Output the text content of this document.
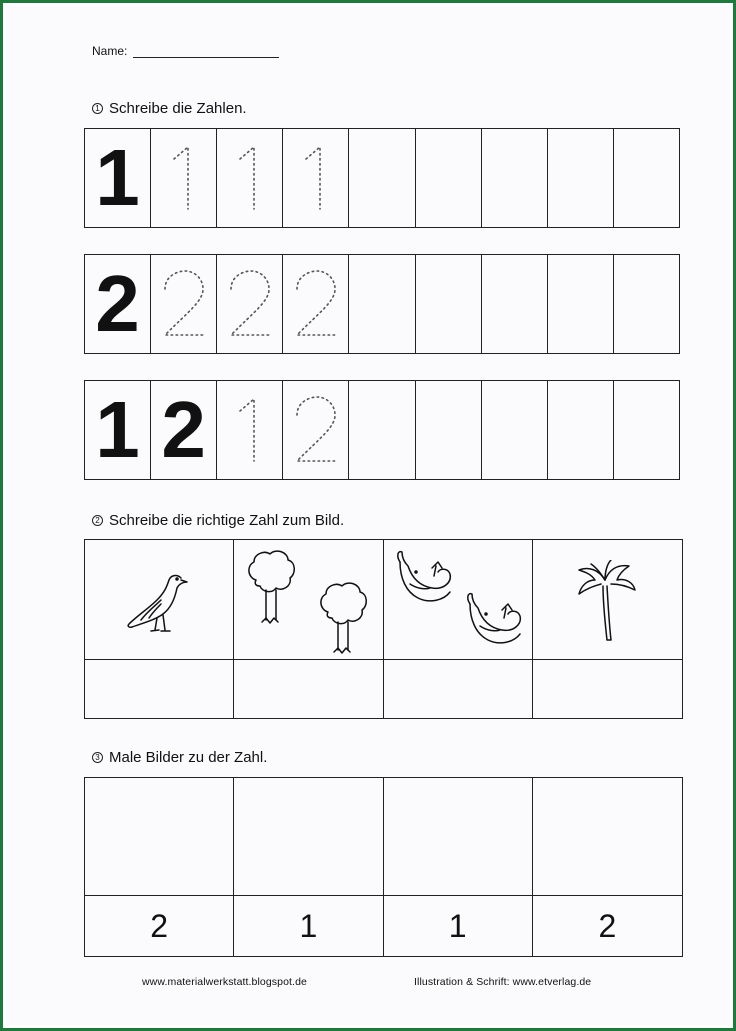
Name:
1 Schreibe die Zahlen.
1
2
1 2
2 Schreibe die richtige Zahl zum Bild.
3 Male Bilder zu der Zahl.
2	1	1	2
www.materialwerkstatt.blogspot.de	Illustration & Schrift: www.etverlag.de
